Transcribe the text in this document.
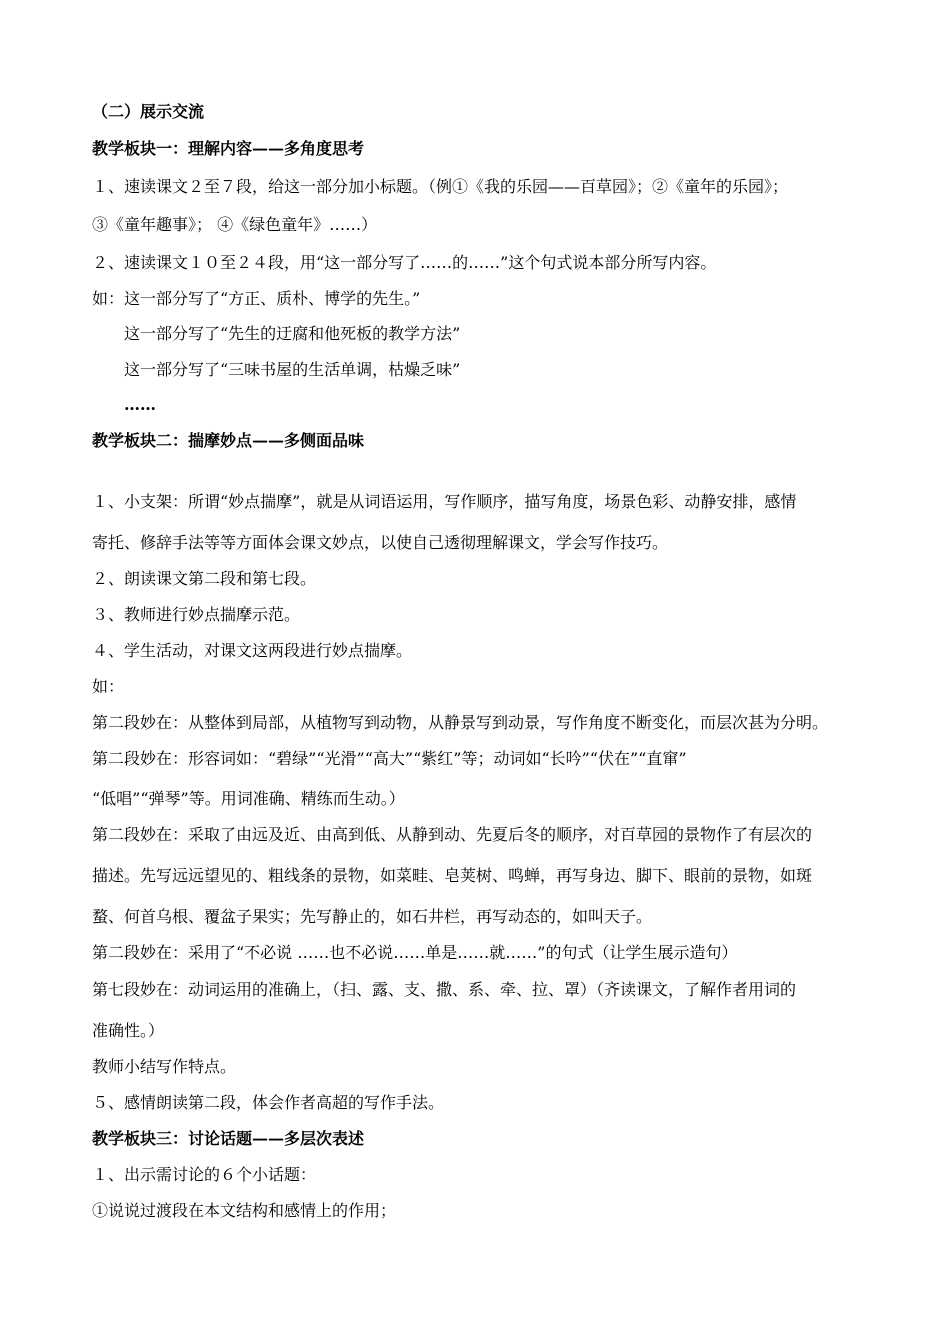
（二）展示交流
教学板块一：理解内容——多角度思考
１、速读课文２至７段，给这一部分加小标题。（例①《我的乐园——百草园》；②《童年的乐园》；
③《童年趣事》； ④《绿色童年》……）
２、速读课文１０至２４段，用“这一部分写了……的……”这个句式说本部分所写内容。
如：这一部分写了“方正、质朴、博学的先生。”
这一部分写了“先生的迂腐和他死板的教学方法”
这一部分写了“三味书屋的生活单调，枯燥乏味”
……
教学板块二：揣摩妙点——多侧面品味
１、小支架：所谓“妙点揣摩”，就是从词语运用，写作顺序，描写角度，场景色彩、动静安排，感情
寄托、修辞手法等等方面体会课文妙点，以使自己透彻理解课文，学会写作技巧。
２、朗读课文第二段和第七段。
３、教师进行妙点揣摩示范。
４、学生活动，对课文这两段进行妙点揣摩。
如：
第二段妙在：从整体到局部，从植物写到动物，从静景写到动景，写作角度不断变化，而层次甚为分明。
第二段妙在：形容词如：“碧绿”“光滑”“高大”“紫红”等；动词如“长吟”“伏在”“直窜”
“低唱”“弹琴”等。用词准确、精练而生动。）
第二段妙在：采取了由远及近、由高到低、从静到动、先夏后冬的顺序，对百草园的景物作了有层次的
描述。先写远远望见的、粗线条的景物，如菜畦、皂荚树、鸣蝉，再写身边、脚下、眼前的景物，如斑
蝥、何首乌根、覆盆子果实；先写静止的，如石井栏，再写动态的，如叫天子。
第二段妙在：采用了“不必说 ……也不必说……单是……就……”的句式（让学生展示造句）
第七段妙在：动词运用的准确上，（扫、露、支、撒、系、牵、拉、罩）（齐读课文，了解作者用词的
准确性。）
教师小结写作特点。
５、感情朗读第二段，体会作者高超的写作手法。
教学板块三：讨论话题——多层次表述
１、出示需讨论的６个小话题：
①说说过渡段在本文结构和感情上的作用；
